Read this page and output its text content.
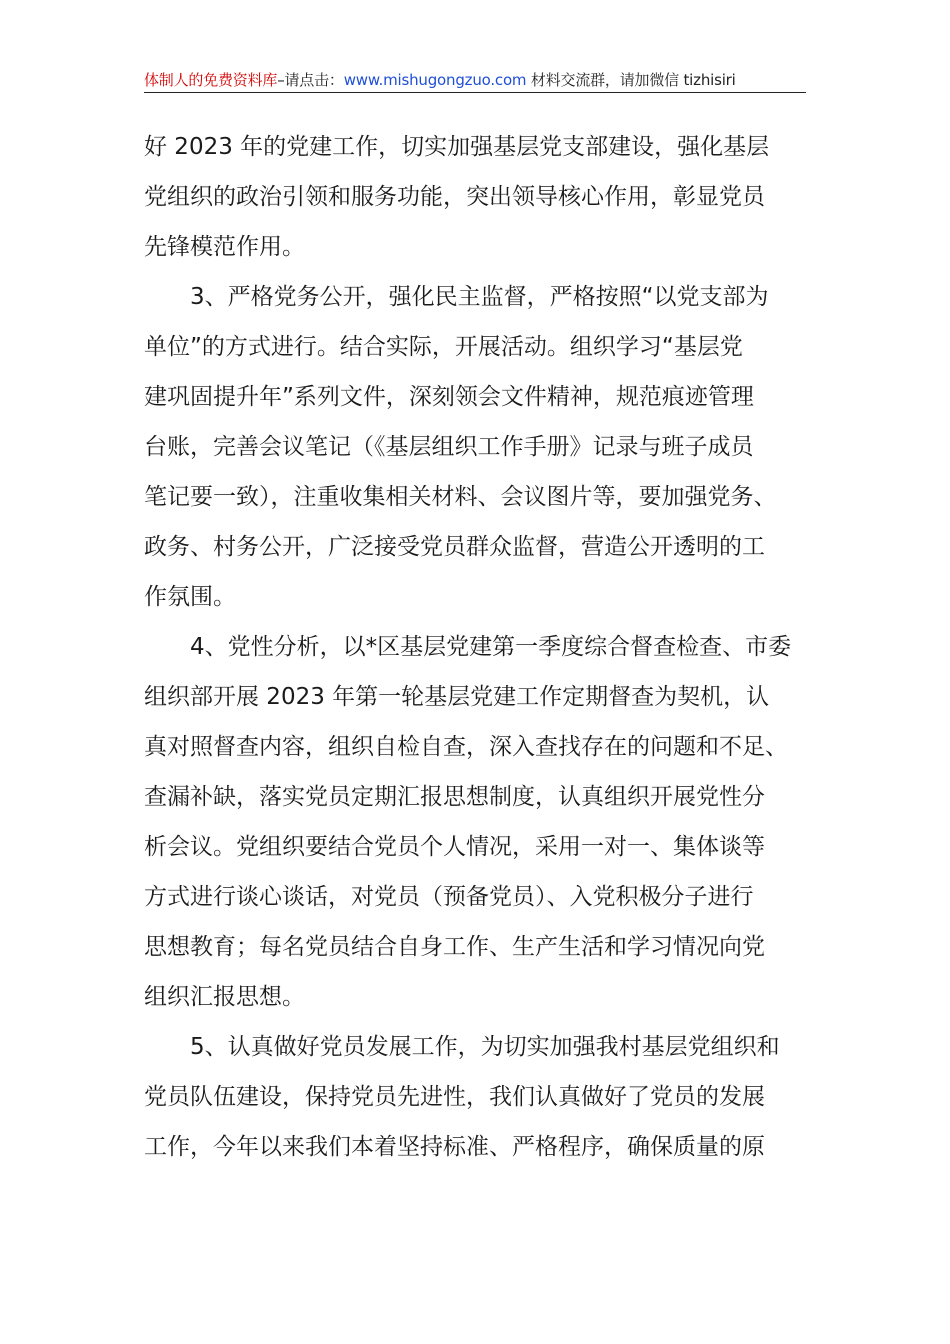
体制人的免费资料库–请点击：www.mishugongzuo.com 材料交流群，请加微信 tizhisiri
好 2023 年的党建工作，切实加强基层党支部建设，强化基层
党组织的政治引领和服务功能，突出领导核心作用，彰显党员
先锋模范作用。
3、严格党务公开，强化民主监督，严格按照“以党支部为
单位”的方式进行。结合实际，开展活动。组织学习“基层党
建巩固提升年”系列文件，深刻领会文件精神，规范痕迹管理
台账，完善会议笔记（《基层组织工作手册》记录与班子成员
笔记要一致），注重收集相关材料、会议图片等，要加强党务、
政务、村务公开，广泛接受党员群众监督，营造公开透明的工
作氛围。
4、党性分析，以*区基层党建第一季度综合督查检查、市委
组织部开展 2023 年第一轮基层党建工作定期督查为契机，认
真对照督查内容，组织自检自查，深入查找存在的问题和不足、
查漏补缺，落实党员定期汇报思想制度，认真组织开展党性分
析会议。党组织要结合党员个人情况，采用一对一、集体谈等
方式进行谈心谈话，对党员（预备党员）、入党积极分子进行
思想教育；每名党员结合自身工作、生产生活和学习情况向党
组织汇报思想。
5、认真做好党员发展工作，为切实加强我村基层党组织和
党员队伍建设，保持党员先进性，我们认真做好了党员的发展
工作，今年以来我们本着坚持标准、严格程序，确保质量的原
